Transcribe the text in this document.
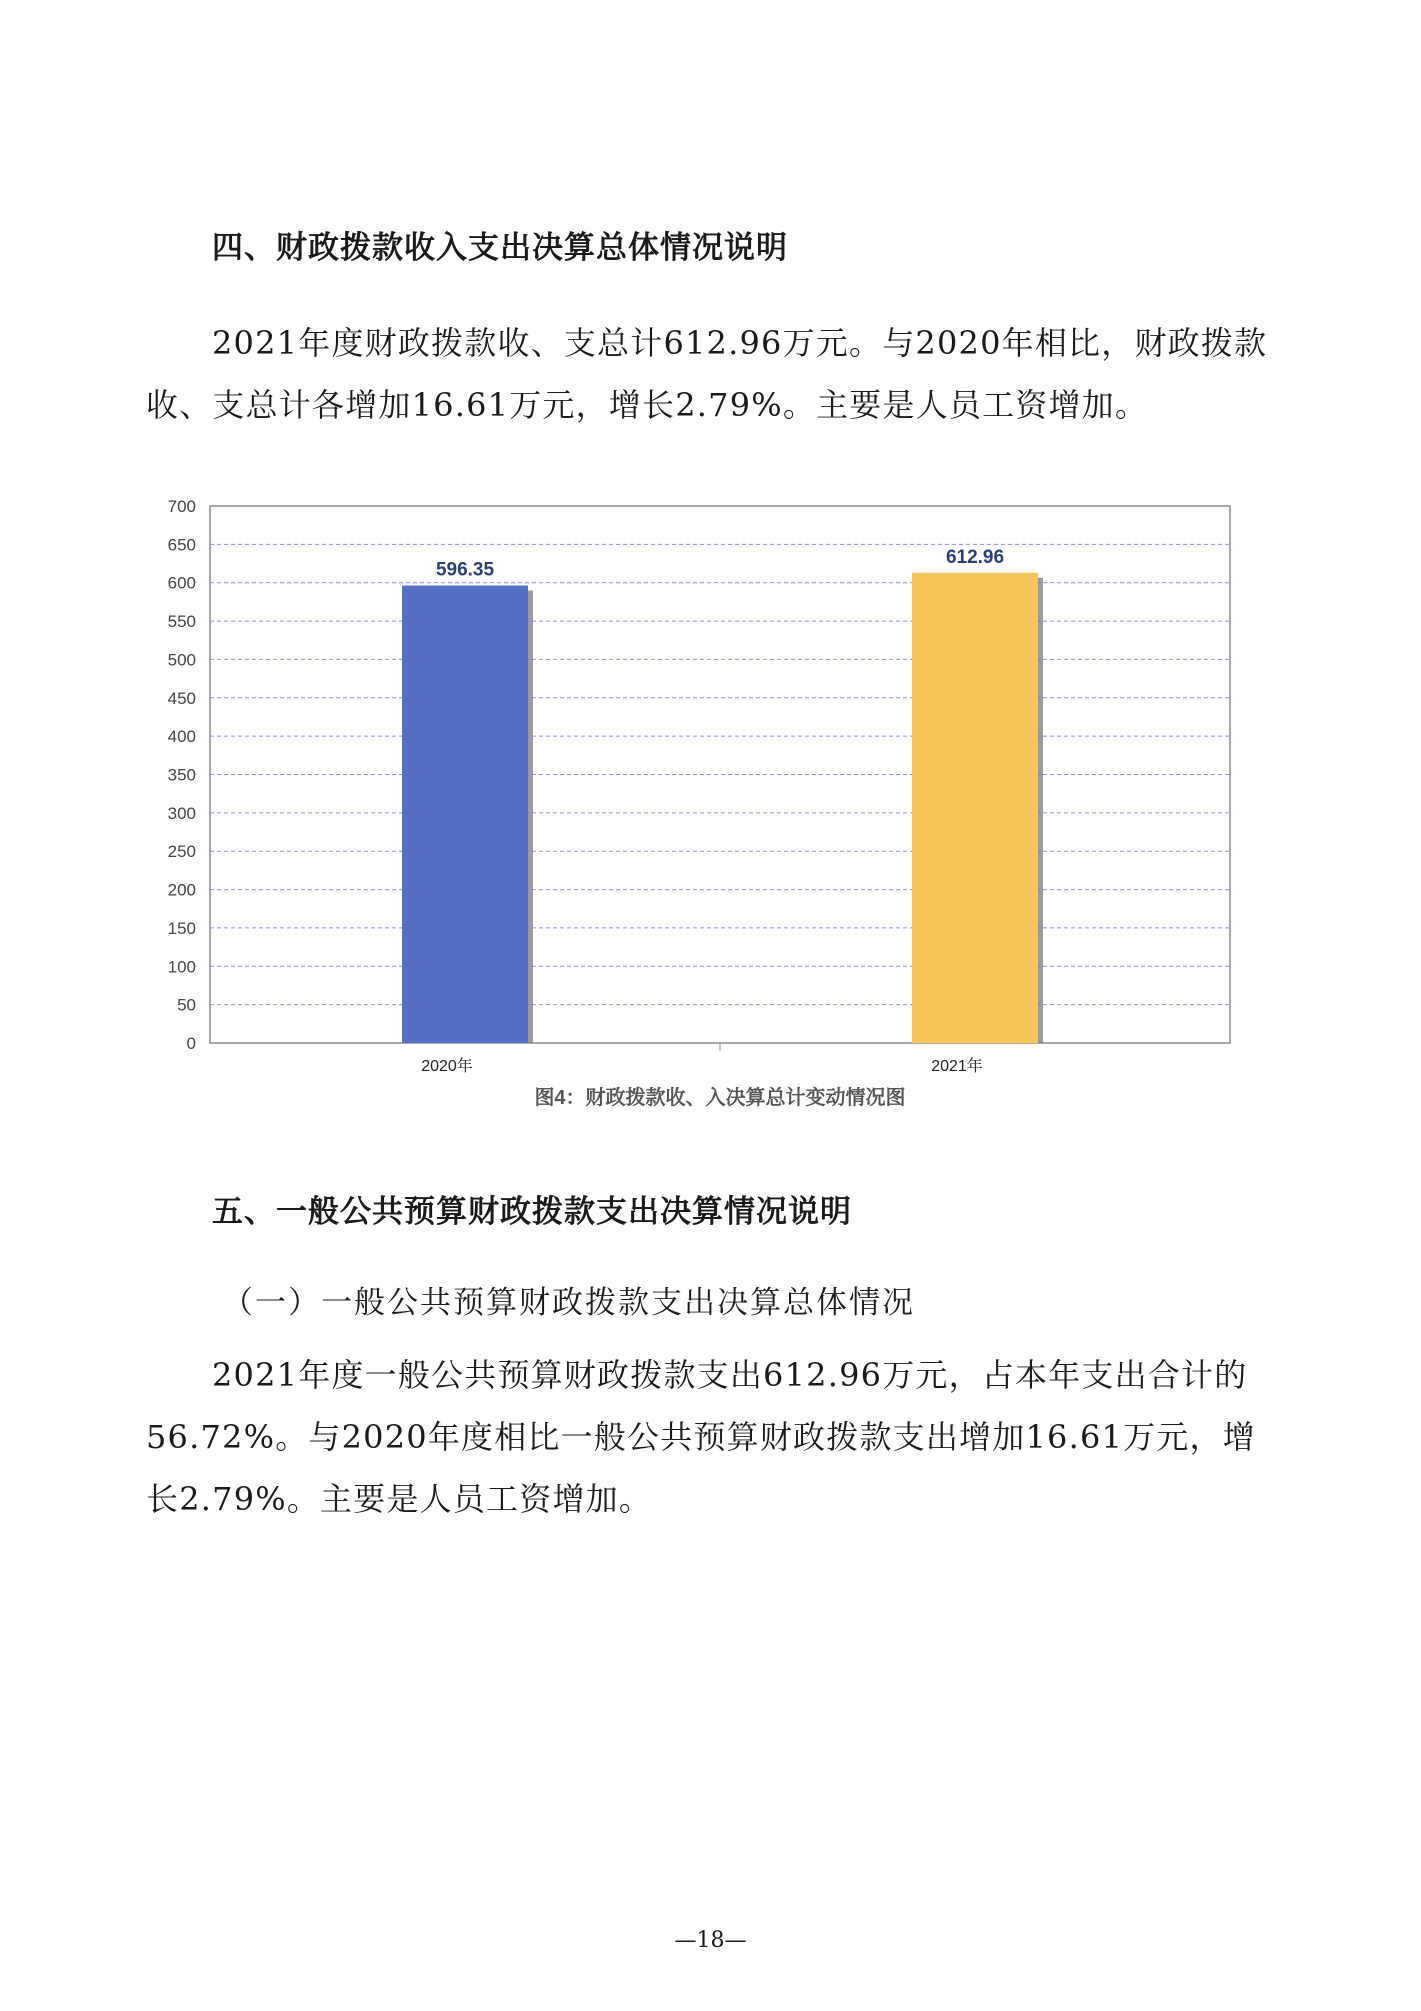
四、财政拨款收入支出决算总体情况说明

2021年度财政拨款收、支总计612.96万元。与2020年相比，财政拨款收、支总计各增加16.61万元，增长2.79%。主要是人员工资增加。

0
50
100
150
200
250
300
350
400
450
500
550
600
650
700
596.35
612.96
2020年	2021年
图4：财政拨款收、入决算总计变动情况图
五、一般公共预算财政拨款支出决算情况说明

（一）一般公共预算财政拨款支出决算总体情况

2021年度一般公共预算财政拨款支出612.96万元，占本年支出合计的56.72%。与2020年度相比一般公共预算财政拨款支出增加16.61万元，增长2.79%。主要是人员工资增加。

—18—
